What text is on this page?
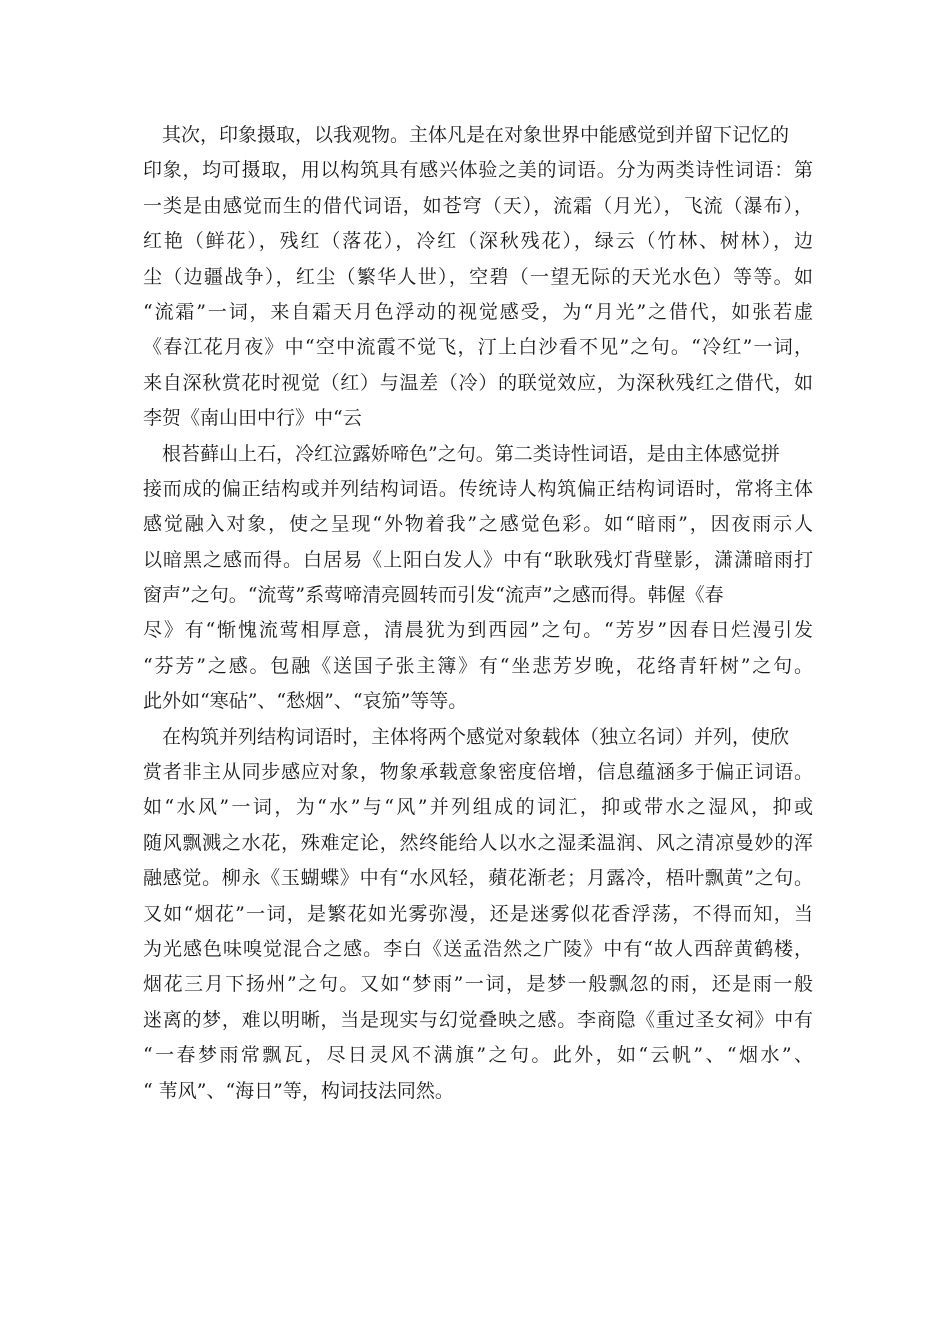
其次，印象摄取，以我观物。主体凡是在对象世界中能感觉到并留下记忆的
印象，均可摄取，用以构筑具有感兴体验之美的词语。分为两类诗性词语：第
一类是由感觉而生的借代词语，如苍穹（天），流霜（月光），飞流（瀑布），
红艳（鲜花），残红（落花），冷红（深秋残花），绿云（竹林、树林），边
尘（边疆战争），红尘（繁华人世），空碧（一望无际的天光水色）等等。如
“流霜”一词，来自霜天月色浮动的视觉感受，为“月光”之借代，如张若虚
《春江花月夜》中“空中流霞不觉飞，汀上白沙看不见”之句。“冷红”一词，
来自深秋赏花时视觉（红）与温差（冷）的联觉效应，为深秋残红之借代，如
李贺《南山田中行》中“云
根苔藓山上石，冷红泣露娇啼色”之句。第二类诗性词语，是由主体感觉拼
接而成的偏正结构或并列结构词语。传统诗人构筑偏正结构词语时，常将主体
感觉融入对象，使之呈现“外物着我”之感觉色彩。如“暗雨”，因夜雨示人
以暗黑之感而得。白居易《上阳白发人》中有“耿耿残灯背壁影，潇潇暗雨打
窗声”之句。“流莺”系莺啼清亮圆转而引发“流声”之感而得。韩偓《春
尽》有“惭愧流莺相厚意，清晨犹为到西园”之句。“芳岁”因春日烂漫引发
“芬芳”之感。包融《送国子张主簿》有“坐悲芳岁晚，花络青轩树”之句。
此外如“寒砧”、“愁烟”、“哀笳”等等。
在构筑并列结构词语时，主体将两个感觉对象载体（独立名词）并列，使欣
赏者非主从同步感应对象，物象承载意象密度倍增，信息蕴涵多于偏正词语。
如“水风”一词，为“水”与“风”并列组成的词汇，抑或带水之湿风，抑或
随风飘溅之水花，殊难定论，然终能给人以水之湿柔温润、风之清凉曼妙的浑
融感觉。柳永《玉蝴蝶》中有“水风轻，蘋花渐老；月露冷，梧叶飘黄”之句。
又如“烟花”一词，是繁花如光雾弥漫，还是迷雾似花香浮荡，不得而知，当
为光感色味嗅觉混合之感。李白《送孟浩然之广陵》中有“故人西辞黄鹤楼，
烟花三月下扬州”之句。又如“梦雨”一词，是梦一般飘忽的雨，还是雨一般
迷离的梦，难以明晰，当是现实与幻觉叠映之感。李商隐《重过圣女祠》中有
“一春梦雨常飘瓦，尽日灵风不满旗”之句。此外，如“云帆”、“烟水”、
“ 苇风”、“海日”等，构词技法同然。
